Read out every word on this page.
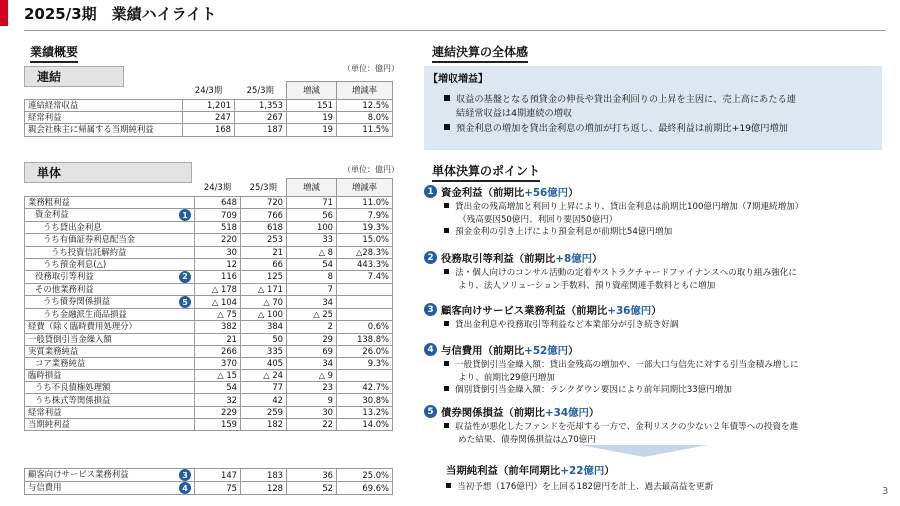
2025/3期　業績ハイライト
業績概要
（単位：億円）
連結
	24/3期	25/3期	増減	増減率
連結経常収益	1,201	1,353	151	12.5%
経常利益	247	267	19	8.0%
親会社株主に帰属する当期純利益	168	187	19	11.5%
（単位：億円）
単体
	24/3期	25/3期	増減	増減率
業務粗利益	648	720	71	11.0%
資金利益 1	709	766	56	7.9%
うち貸出金利息	518	618	100	19.3%
うち有価証券利息配当金	220	253	33	15.0%
うち投資信託解約益	30	21	△ 8	△28.3%
うち預金利息(△)	12	66	54	443.3%
役務取引等利益 2	116	125	8	7.4%
その他業務利益	△ 178	△ 171	7	
うち債券関係損益 5	△ 104	△ 70	34	
うち金融派生商品損益	△ 75	△ 100	△ 25	
経費（除く臨時費用処理分）	382	384	2	0.6%
一般貸倒引当金繰入額	21	50	29	138.8%
実質業務純益	266	335	69	26.0%
コア業務純益	370	405	34	9.3%
臨時損益	△ 15	△ 24	△ 9	
うち不良債権処理額	54	77	23	42.7%
うち株式等関係損益	32	42	9	30.8%
経常利益	229	259	30	13.2%
当期純利益	159	182	22	14.0%
顧客向けサービス業務利益 3	147	183	36	25.0%
与信費用 4	75	128	52	69.6%
連結決算の全体感
【増収増益】
収益の基盤となる預貸金の伸長や貸出金利回りの上昇を主因に、売上高にあたる連
結経常収益は4期連続の増収
預金利息の増加を貸出金利息の増加が打ち返し、最終利益は前期比+19億円増加
単体決算のポイント
1 資金利益 （前期比 +56億円 ）
貸出金の残高増加と利回り上昇により、貸出金利息は前期比100億円増加（7期連続増加）
（残高要因50億円、利回り要因50億円）
預金金利の引き上げにより預金利息が前期比54億円増加
2 役務取引等利益 （前期比 +8億円 ）
法・個人向けのコンサル活動の定着やストラクチャードファイナンスへの取り組み強化に
より、法人ソリューション手数料、預り資産関連手数料ともに増加
3 顧客向けサービス業務利益 （前期比 +36億円 ）
貸出金利息や役務取引等利益など本業部分が引き続き好調
4 与信費用 （前期比 +52億円 ）
一般貸倒引当金繰入額：貸出金残高の増加や、一部大口与信先に対する引当金積み増しに
より、前期比29億円増加
個別貸倒引当金繰入額：ランクダウン要因により前年同期比33億円増加
5 債券関係損益 （前期比 +34億円 ）
収益性が悪化したファンドを売却する一方で、金利リスクの少ない２年債等への投資を進
めた結果、債券関係損益は△70億円
当期純利益 （前年同期比 +22億円 ）
当初予想（176億円）を上回る182億円を計上、過去最高益を更新	3
